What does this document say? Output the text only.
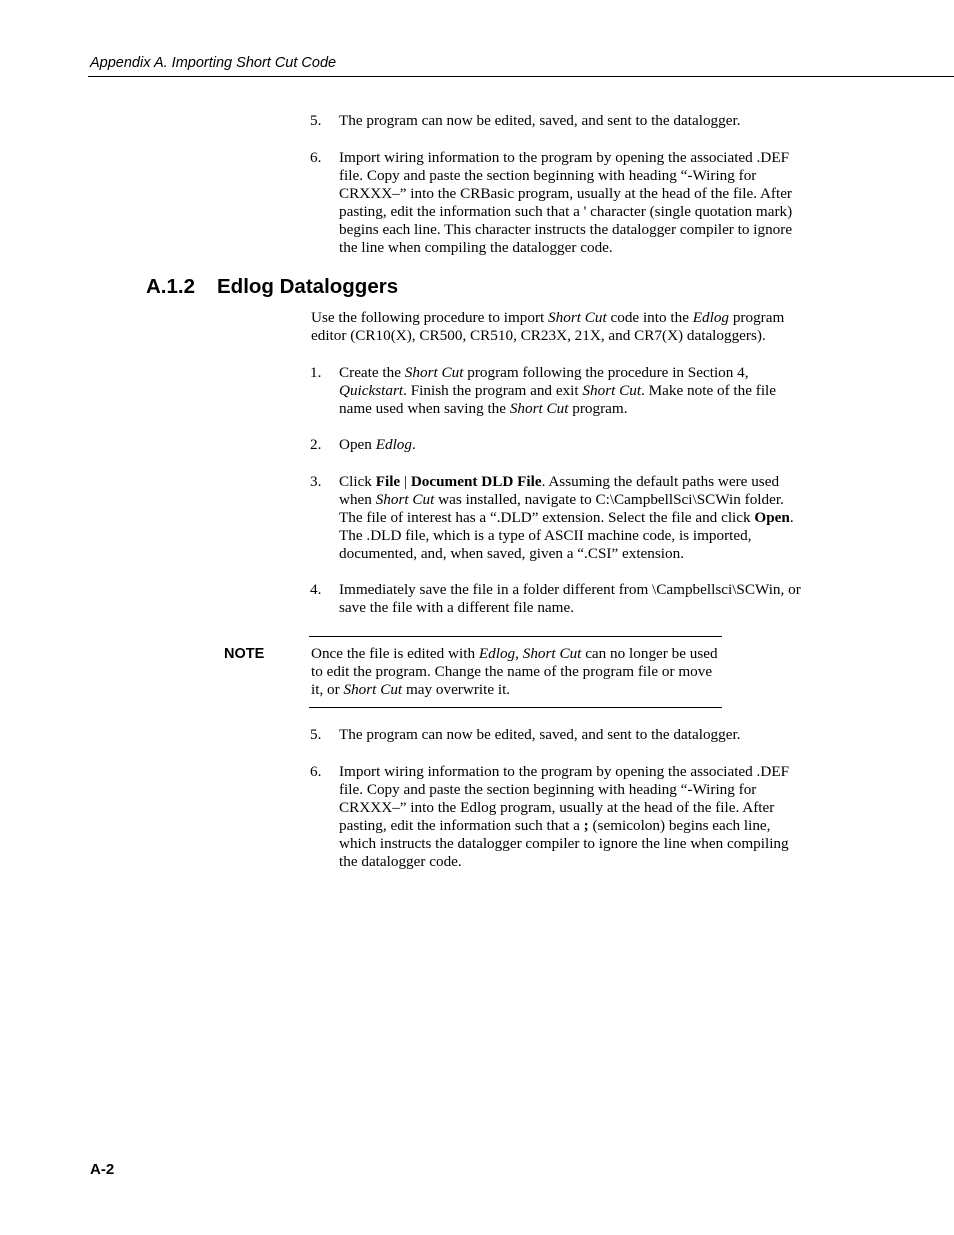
Appendix A. Importing Short Cut Code
5. The program can now be edited, saved, and sent to the datalogger.
6. Import wiring information to the program by opening the associated .DEF file. Copy and paste the section beginning with heading “-Wiring for CRXXX–” into the CRBasic program, usually at the head of the file. After pasting, edit the information such that a ' character (single quotation mark) begins each line. This character instructs the datalogger compiler to ignore the line when compiling the datalogger code.
A.1.2 Edlog Dataloggers
Use the following procedure to import Short Cut code into the Edlog program editor (CR10(X), CR500, CR510, CR23X, 21X, and CR7(X) dataloggers).
1. Create the Short Cut program following the procedure in Section 4, Quickstart. Finish the program and exit Short Cut. Make note of the file name used when saving the Short Cut program.
2. Open Edlog.
3. Click File | Document DLD File. Assuming the default paths were used when Short Cut was installed, navigate to C:\CampbellSci\SCWin folder. The file of interest has a “.DLD” extension. Select the file and click Open. The .DLD file, which is a type of ASCII machine code, is imported, documented, and, when saved, given a “.CSI” extension.
4. Immediately save the file in a folder different from \Campbellsci\SCWin, or save the file with a different file name.
NOTE	Once the file is edited with Edlog, Short Cut can no longer be used to edit the program. Change the name of the program file or move it, or Short Cut may overwrite it.
5. The program can now be edited, saved, and sent to the datalogger.
6. Import wiring information to the program by opening the associated .DEF file. Copy and paste the section beginning with heading “-Wiring for CRXXX–” into the Edlog program, usually at the head of the file. After pasting, edit the information such that a ; (semicolon) begins each line, which instructs the datalogger compiler to ignore the line when compiling the datalogger code.
A-2
